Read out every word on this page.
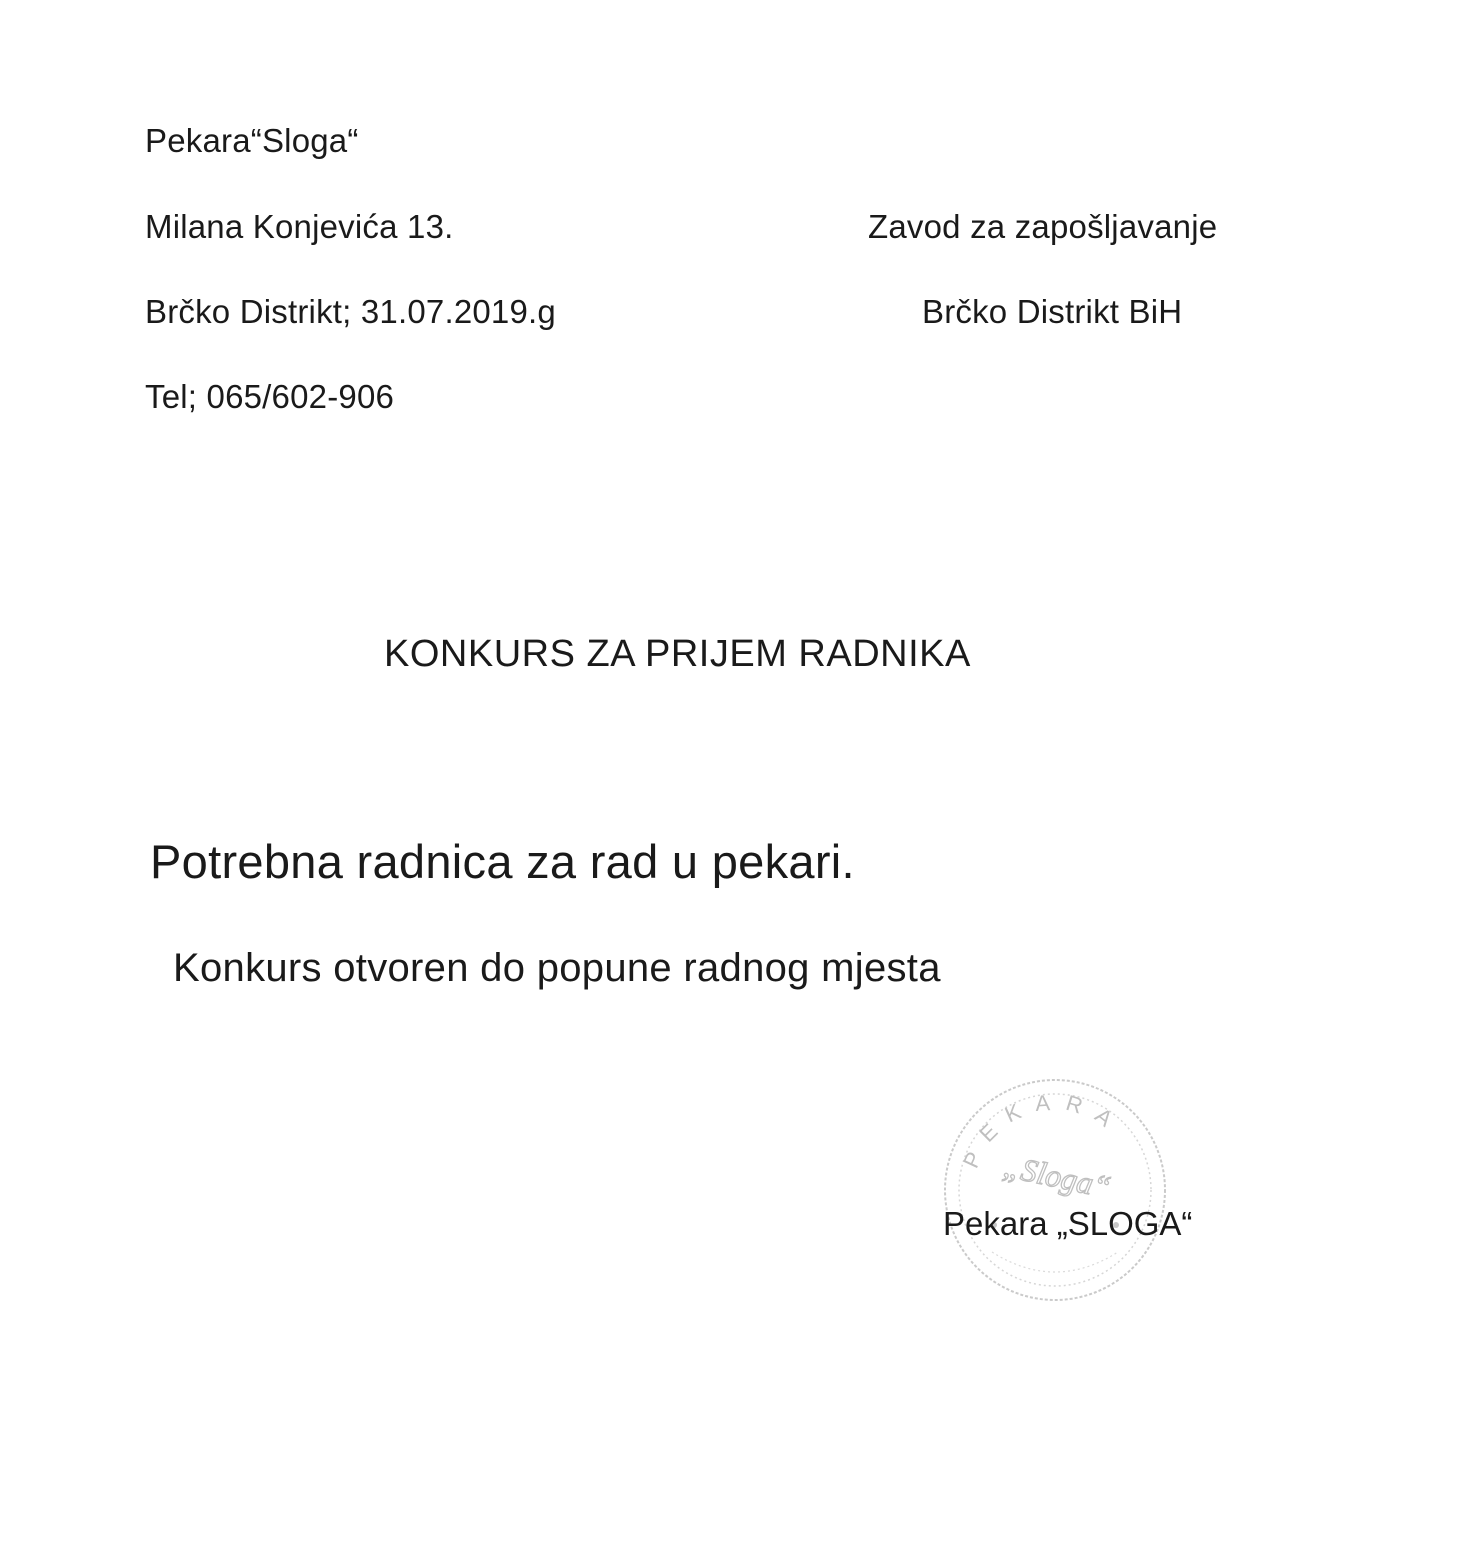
Pekara“Sloga“
Milana Konjevića 13.
Brčko Distrikt; 31.07.2019.g
Tel; 065/602-906
Zavod za zapošljavanje
Brčko Distrikt BiH
KONKURS ZA PRIJEM RADNIKA
Potrebna radnica za rad u pekari.
Konkurs otvoren do popune radnog mjesta
PEKARA
„Sloga“
Pekara „SLOGA“
